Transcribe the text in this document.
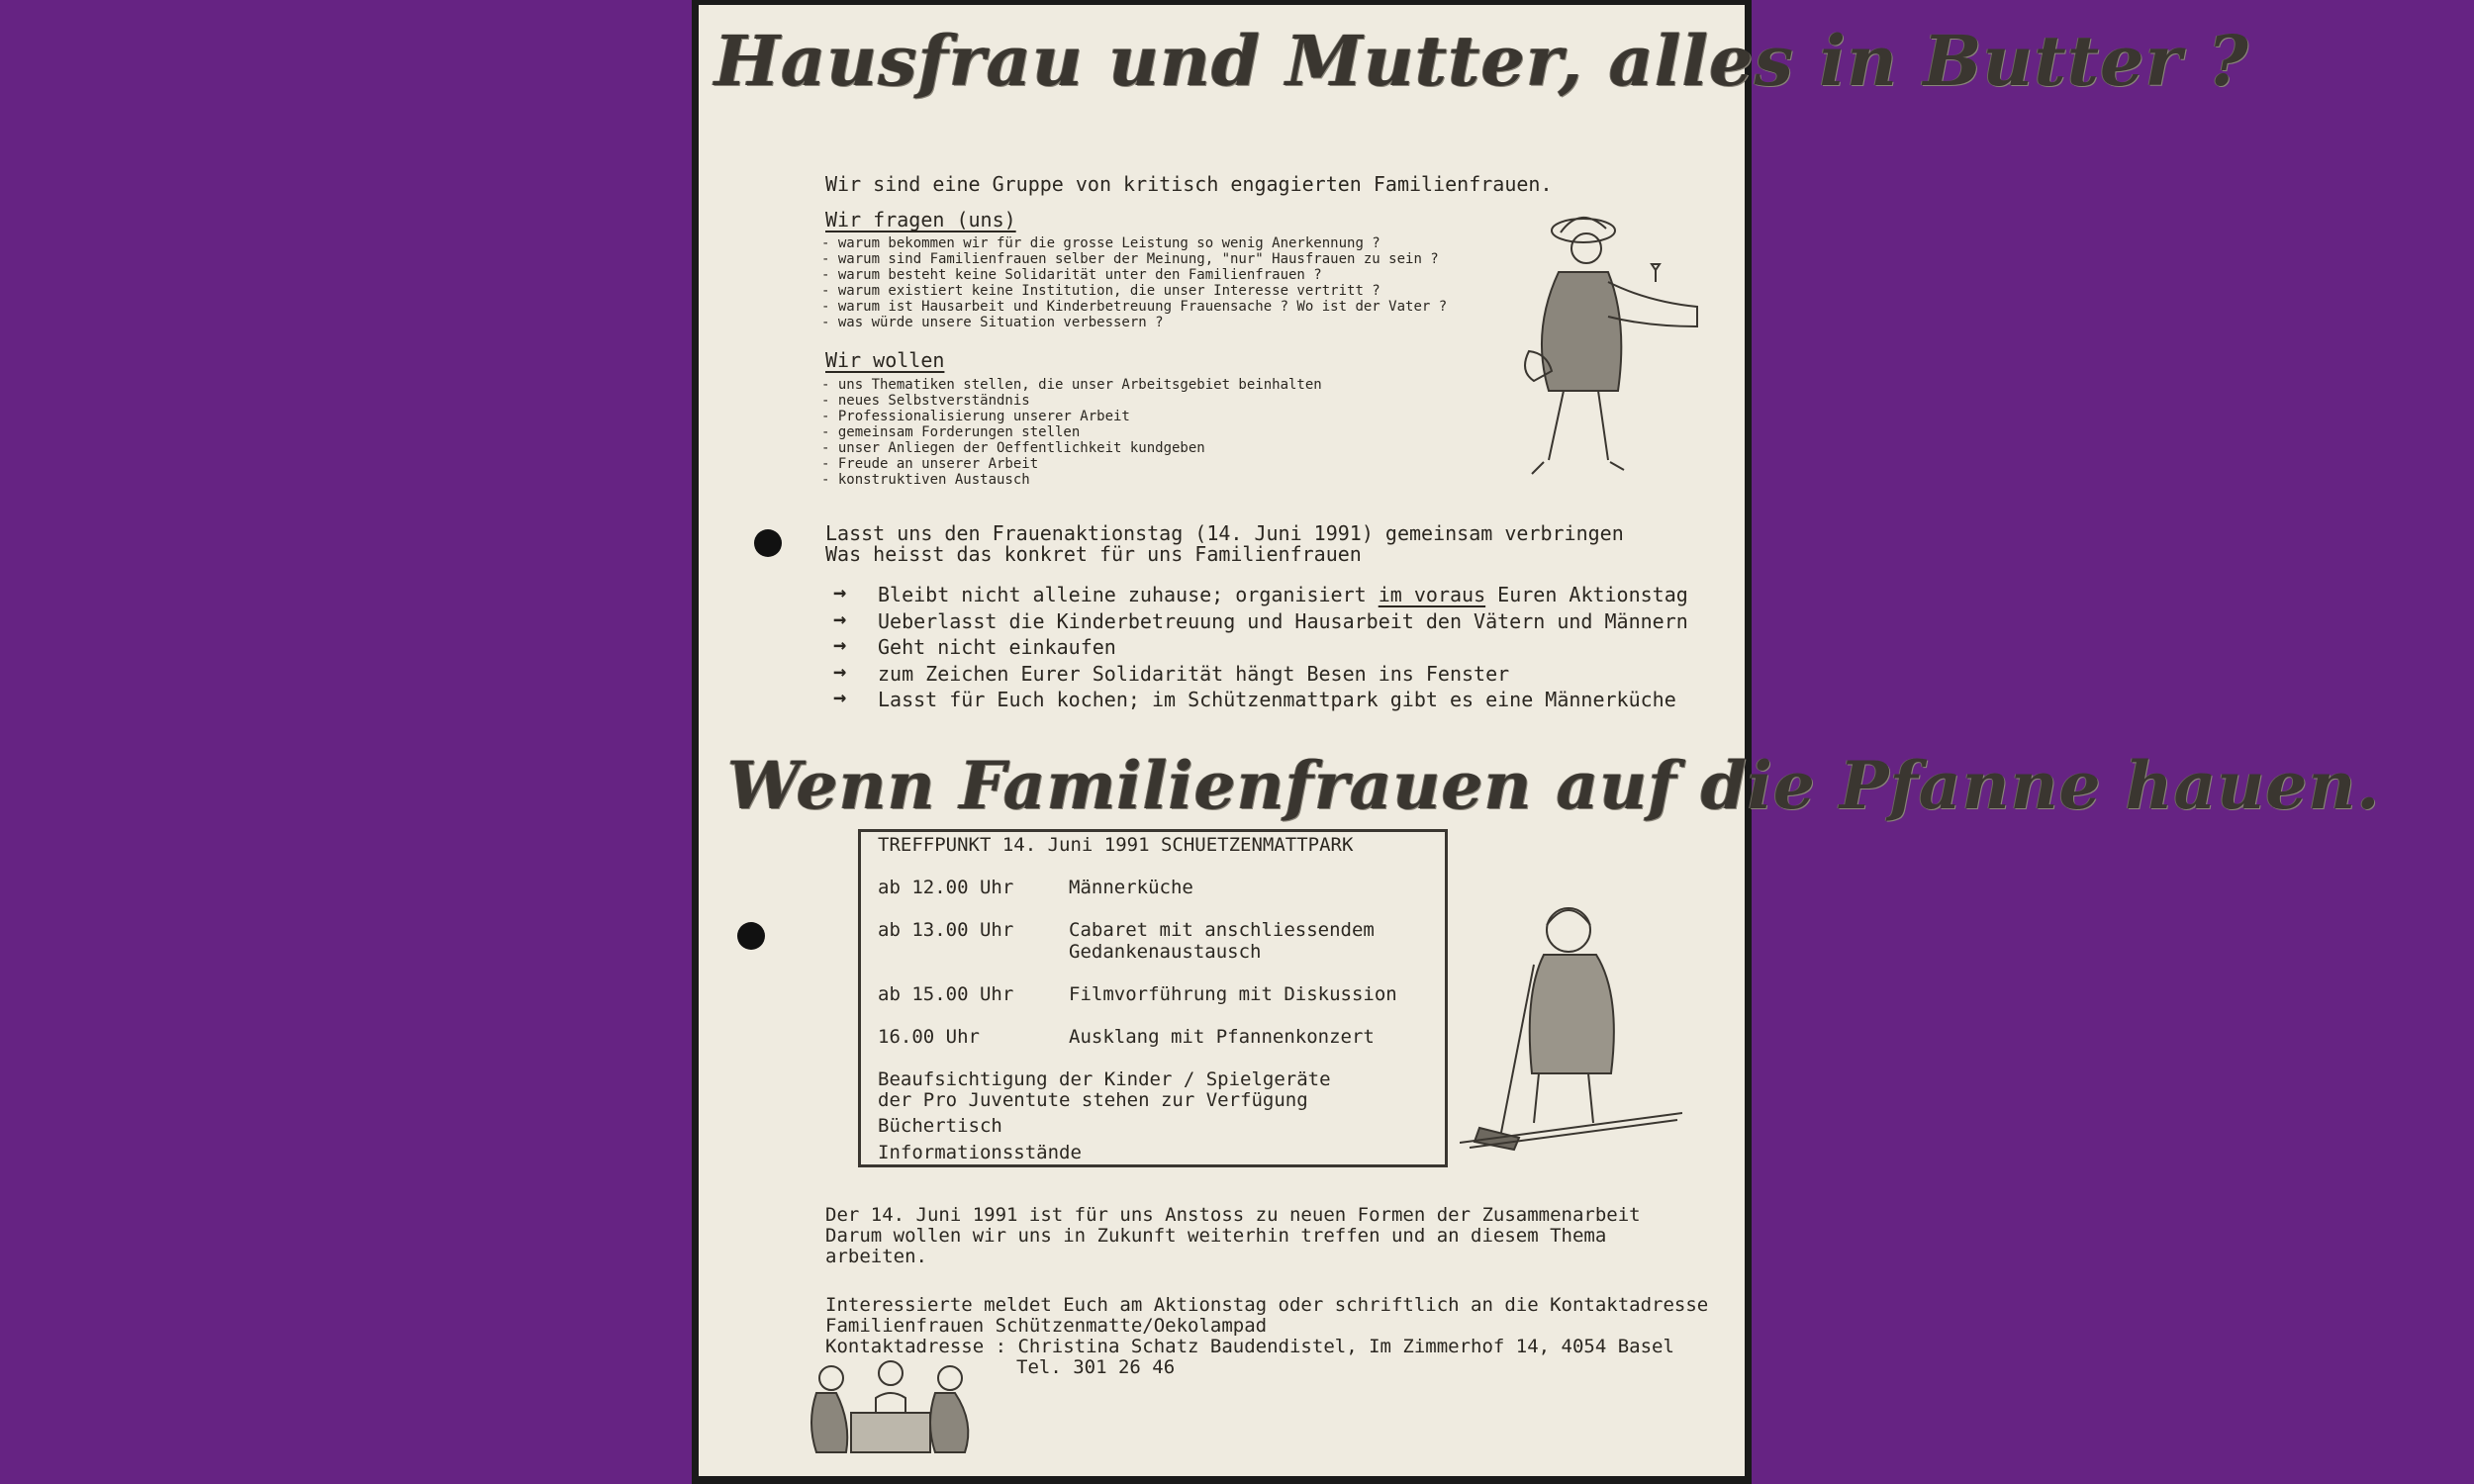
Hausfrau und Mutter, alles in Butter ?
Wir sind eine Gruppe von kritisch engagierten Familienfrauen.
Wir fragen (uns)
- warum bekommen wir für die grosse Leistung so wenig Anerkennung ?
- warum sind Familienfrauen selber der Meinung, "nur" Hausfrauen zu sein ?
- warum besteht keine Solidarität unter den Familienfrauen ?
- warum existiert keine Institution, die unser Interesse vertritt ?
- warum ist Hausarbeit und Kinderbetreuung Frauensache ? Wo ist der Vater ?
- was würde unsere Situation verbessern ?
Wir wollen
- uns Thematiken stellen, die unser Arbeitsgebiet beinhalten
- neues Selbstverständnis
- Professionalisierung unserer Arbeit
- gemeinsam Forderungen stellen
- unser Anliegen der Oeffentlichkeit kundgeben
- Freude an unserer Arbeit
- konstruktiven Austausch
Lasst uns den Frauenaktionstag (14. Juni 1991) gemeinsam verbringen
Was heisst das konkret für uns Familienfrauen
→ Bleibt nicht alleine zuhause; organisiert im voraus Euren Aktionstag
→ Ueberlasst die Kinderbetreuung und Hausarbeit den Vätern und Männern
→ Geht nicht einkaufen
→ zum Zeichen Eurer Solidarität hängt Besen ins Fenster
→ Lasst für Euch kochen; im Schützenmattpark gibt es eine Männerküche
Wenn Familienfrauen auf die Pfanne hauen.
TREFFPUNKT 14. Juni 1991 SCHUETZENMATTPARK
ab 12.00 Uhr	Männerküche
ab 13.00 Uhr	Cabaret mit anschliessendem
Gedankenaustausch
ab 15.00 Uhr	Filmvorführung mit Diskussion
16.00 Uhr	Ausklang mit Pfannenkonzert
Beaufsichtigung der Kinder / Spielgeräte
der Pro Juventute stehen zur Verfügung
Büchertisch
Informationsstände
Der 14. Juni 1991 ist für uns Anstoss zu neuen Formen der Zusammenarbeit
Darum wollen wir uns in Zukunft weiterhin treffen und an diesem Thema
arbeiten.
Interessierte meldet Euch am Aktionstag oder schriftlich an die Kontaktadresse
Familienfrauen Schützenmatte/Oekolampad
Kontaktadresse : Christina Schatz Baudendistel, Im Zimmerhof 14, 4054 Basel
Tel. 301 26 46
